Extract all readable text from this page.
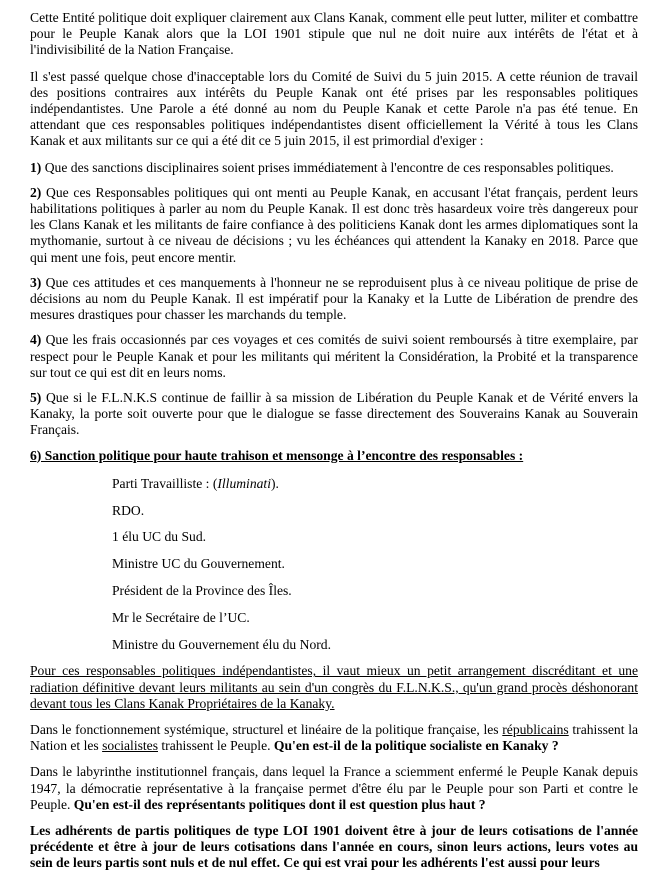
Cette Entité politique doit expliquer clairement aux Clans Kanak, comment elle peut lutter, militer et combattre pour le Peuple Kanak alors que la LOI 1901 stipule que nul ne doit nuire aux intérêts de l'état et à l'indivisibilité de la Nation Française.

Il s'est passé quelque chose d'inacceptable lors du Comité de Suivi du 5 juin 2015. A cette réunion de travail des positions contraires aux intérêts du Peuple Kanak ont été prises par les responsables politiques indépendantistes. Une Parole a été donné au nom du Peuple Kanak et cette Parole n'a pas été tenue. En attendant que ces responsables politiques indépendantistes disent officiellement la Vérité à tous les Clans Kanak et aux militants sur ce qui a été dit ce 5 juin 2015, il est primordial d'exiger :

1) Que des sanctions disciplinaires soient prises immédiatement à l'encontre de ces responsables politiques.

2) Que ces Responsables politiques qui ont menti au Peuple Kanak, en accusant l'état français, perdent leurs habilitations politiques à parler au nom du Peuple Kanak. Il est donc très hasardeux voire très dangereux pour les Clans Kanak et les militants de faire confiance à des politiciens Kanak dont les armes diplomatiques sont la mythomanie, surtout à ce niveau de décisions ; vu les échéances qui attendent la Kanaky en 2018. Parce que qui ment une fois, peut encore mentir.

3) Que ces attitudes et ces manquements à l'honneur ne se reproduisent plus à ce niveau politique de prise de décisions au nom du Peuple Kanak. Il est impératif pour la Kanaky et la Lutte de Libération de prendre des mesures drastiques pour chasser les marchands du temple.

4) Que les frais occasionnés par ces voyages et ces comités de suivi soient remboursés à titre exemplaire, par respect pour le Peuple Kanak et pour les militants qui méritent la Considération, la Probité et la transparence sur tout ce qui est dit en leurs noms.

5) Que si le F.L.N.K.S continue de faillir à sa mission de Libération du Peuple Kanak et de Vérité envers la Kanaky, la porte soit ouverte pour que le dialogue se fasse directement des Souverains Kanak au Souverain Français.

6) Sanction politique pour haute trahison et mensonge à l’encontre des responsables :

Parti Travailliste : (Illuminati).
RDO.
1 élu UC du Sud.
Ministre UC du Gouvernement.
Président de la Province des Îles.
Mr le Secrétaire de l’UC.
Ministre du Gouvernement élu du Nord.

Pour ces responsables politiques indépendantistes, il vaut mieux un petit arrangement discréditant et une radiation définitive devant leurs militants au sein d'un congrès du F.L.N.K.S., qu'un grand procès déshonorant devant tous les Clans Kanak Propriétaires de la Kanaky.

Dans le fonctionnement systémique, structurel et linéaire de la politique française, les républicains trahissent la Nation et les socialistes trahissent le Peuple. Qu'en est-il de la politique socialiste en Kanaky ?

Dans le labyrinthe institutionnel français, dans lequel la France a sciemment enfermé le Peuple Kanak depuis 1947, la démocratie représentative à la française permet d'être élu par le Peuple pour son Parti et contre le Peuple. Qu'en est-il des représentants politiques dont il est question plus haut ?

Les adhérents de partis politiques de type LOI 1901 doivent être à jour de leurs cotisations de l'année précédente et être à jour de leurs cotisations dans l'année en cours, sinon leurs actions, leurs votes au sein de leurs partis sont nuls et de nul effet. Ce qui est vrai pour les adhérents l'est aussi pour leurs
